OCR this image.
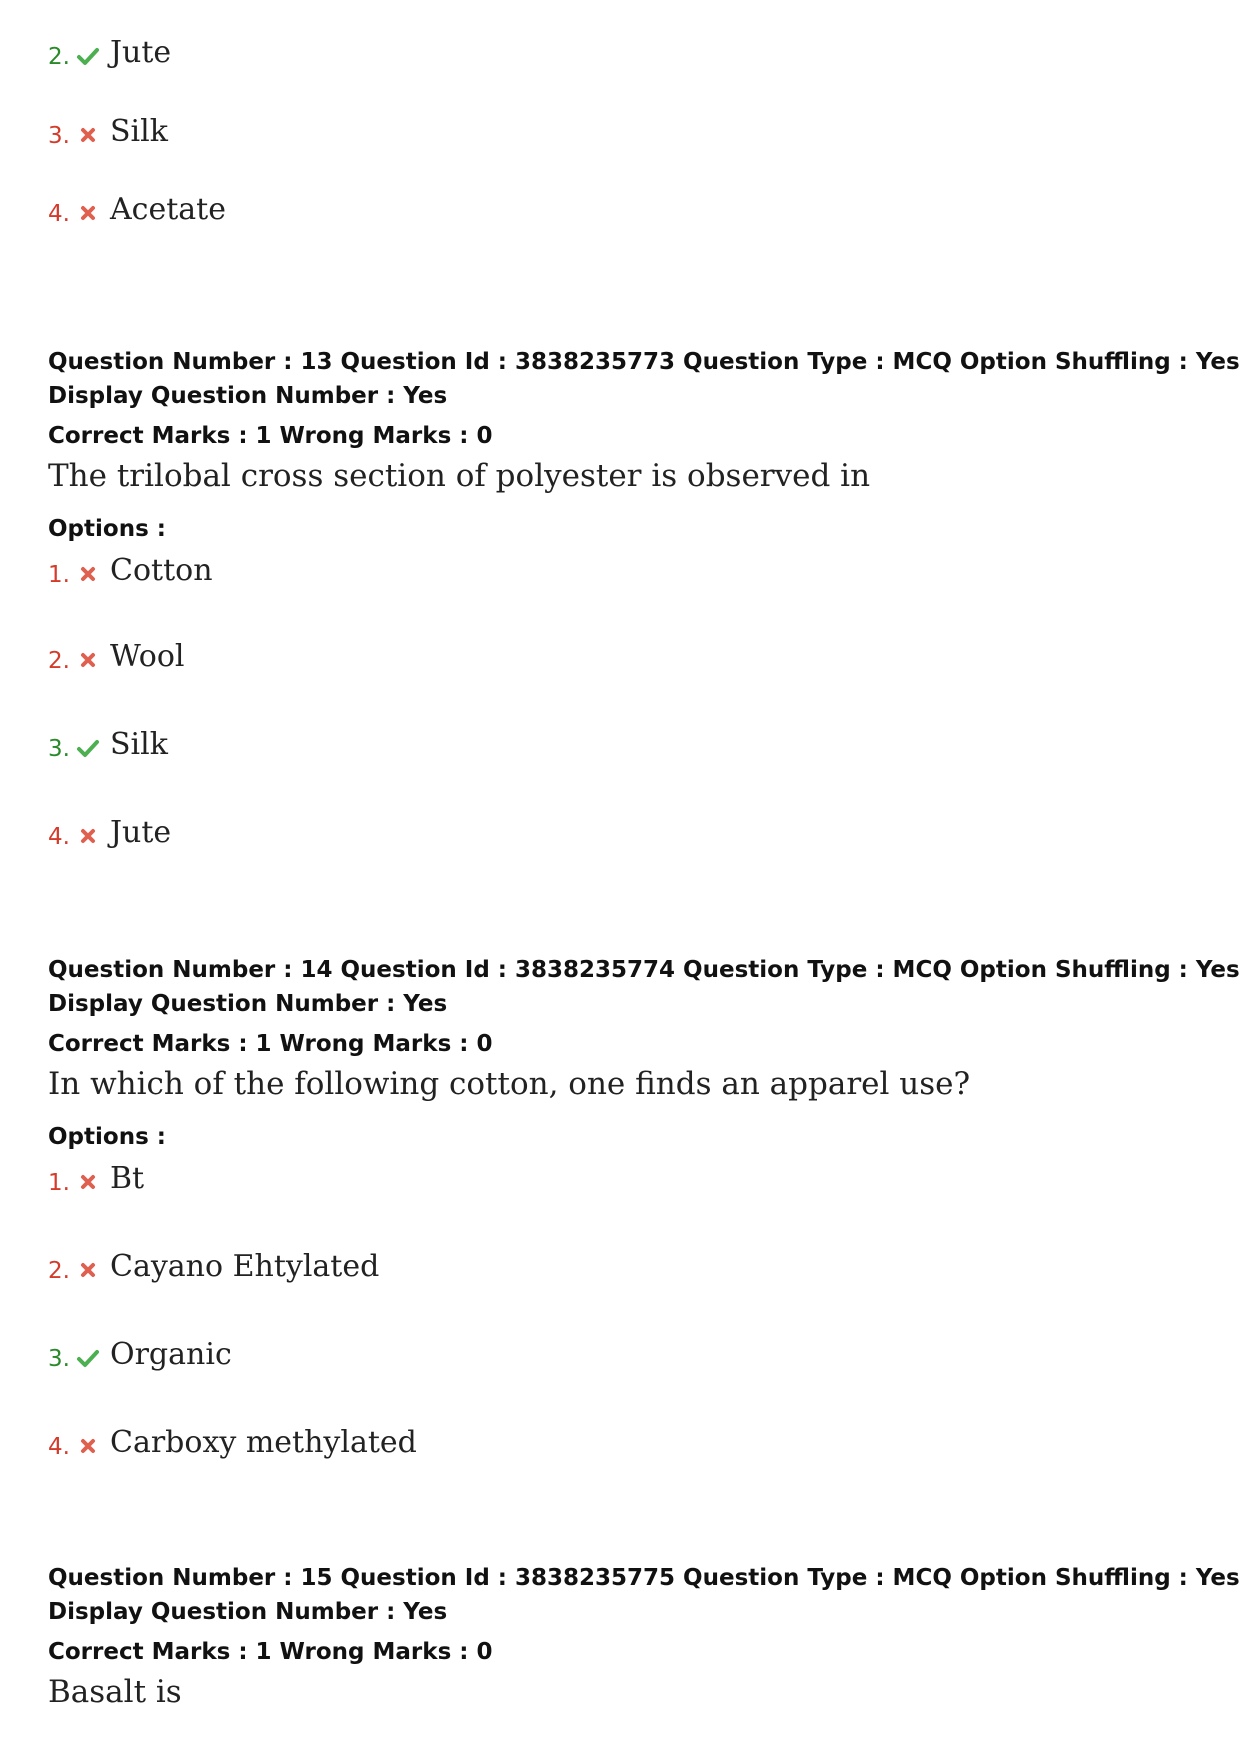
2. Jute
3. Silk
4. Acetate
Question Number : 13 Question Id : 3838235773 Question Type : MCQ Option Shuffling : Yes
Display Question Number : Yes
Correct Marks : 1 Wrong Marks : 0
The trilobal cross section of polyester is observed in
Options :
1. Cotton
2. Wool
3. Silk
4. Jute
Question Number : 14 Question Id : 3838235774 Question Type : MCQ Option Shuffling : Yes
Display Question Number : Yes
Correct Marks : 1 Wrong Marks : 0
In which of the following cotton, one finds an apparel use?
Options :
1. Bt
2. Cayano Ehtylated
3. Organic
4. Carboxy methylated
Question Number : 15 Question Id : 3838235775 Question Type : MCQ Option Shuffling : Yes
Display Question Number : Yes
Correct Marks : 1 Wrong Marks : 0
Basalt is
